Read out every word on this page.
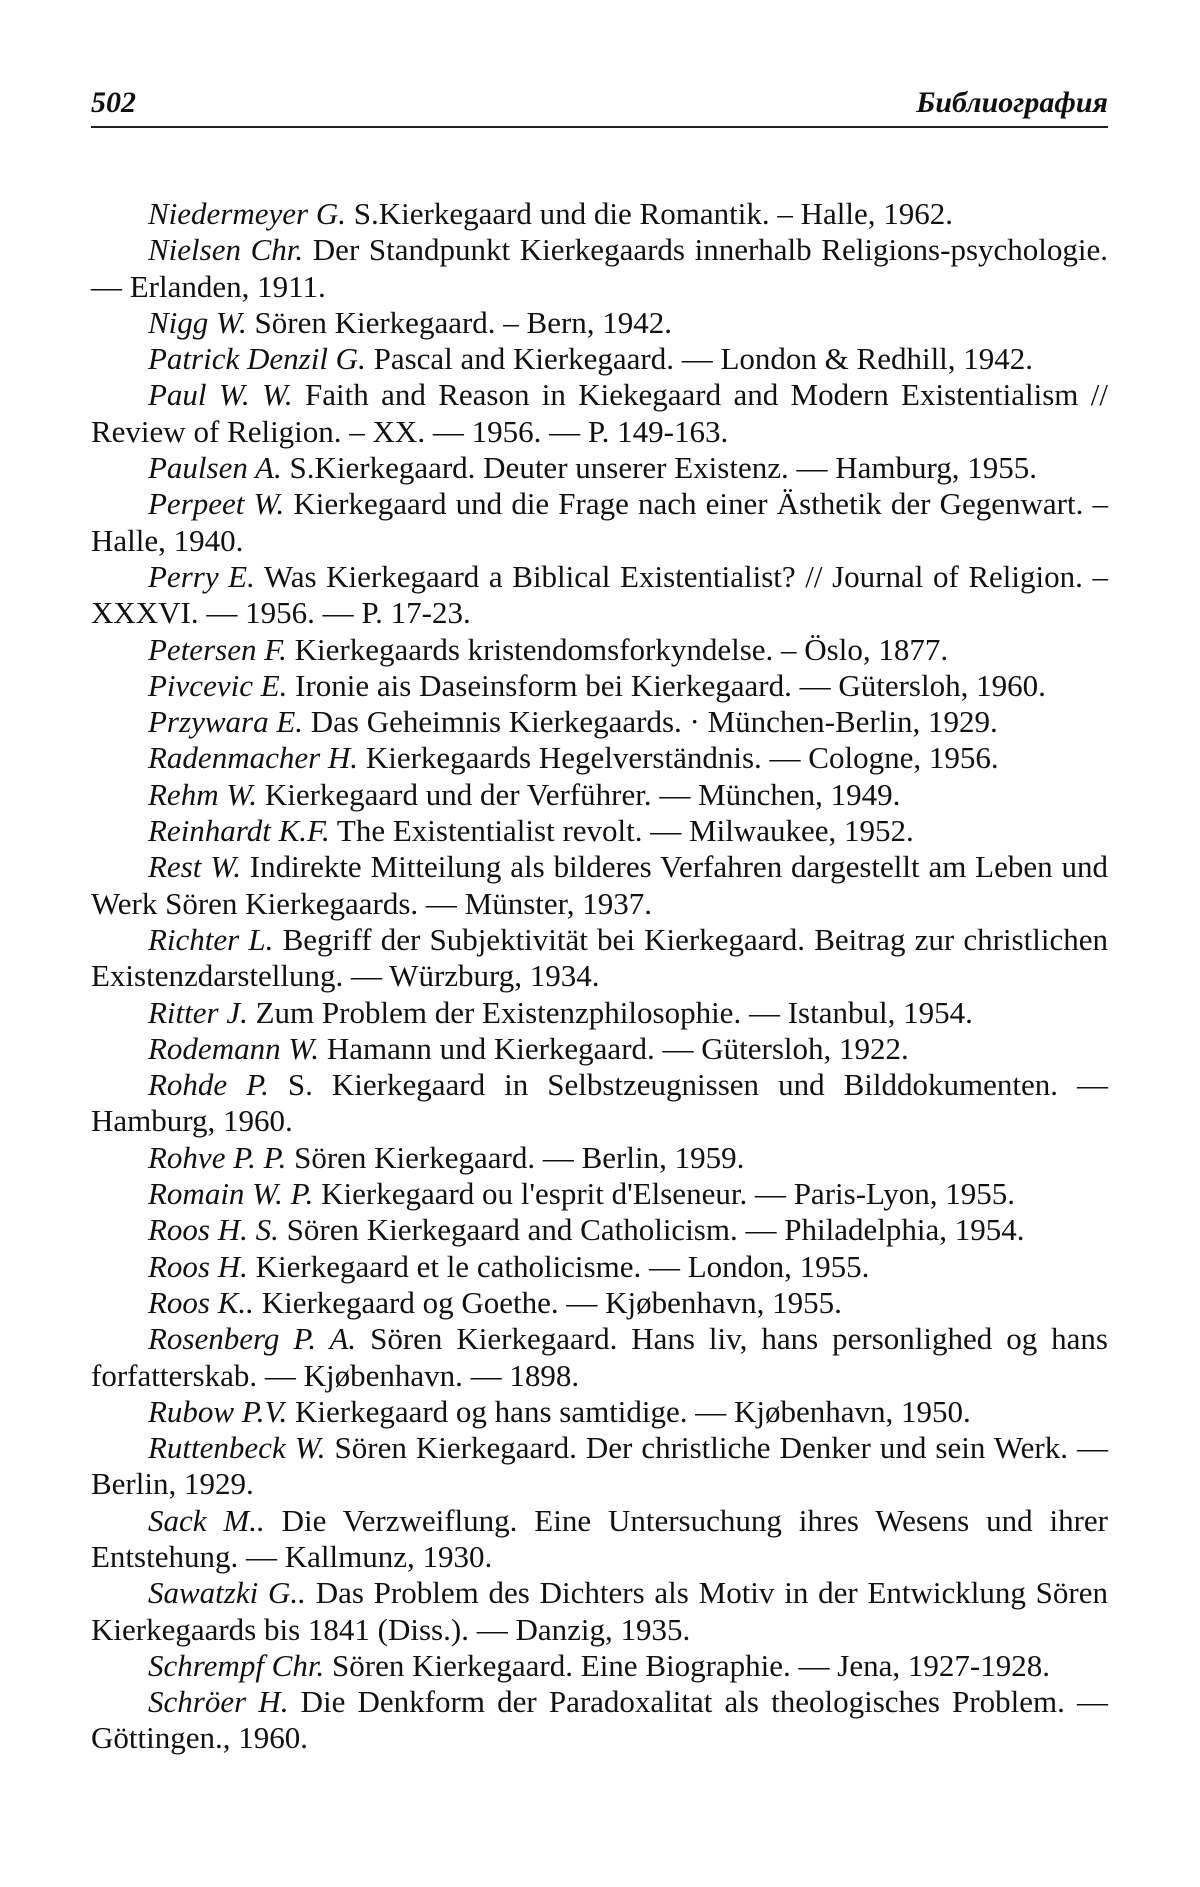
502	Библиография
Niedermeyer G. S.Kierkegaard und die Romantik. – Halle, 1962.
Nielsen Chr. Der Standpunkt Kierkegaards innerhalb Religions-psychologie. — Erlanden, 1911.
Nigg W. Sören Kierkegaard. – Bern, 1942.
Patrick Denzil G. Pascal and Kierkegaard. — London & Redhill, 1942.
Paul W. W. Faith and Reason in Kiekegaard and Modern Existentialism // Review of Religion. – XX. — 1956. — P. 149-163.
Paulsen A. S.Kierkegaard. Deuter unserer Existenz. — Hamburg, 1955.
Perpeet W. Kierkegaard und die Frage nach einer Ästhetik der Gegenwart. – Halle, 1940.
Perry E. Was Kierkegaard a Biblical Existentialist? // Journal of Religion. – XXXVI. — 1956. — P. 17-23.
Petersen F. Kierkegaards kristendomsforkyndelse. – Öslo, 1877.
Pivcevic E. Ironie ais Daseinsform bei Kierkegaard. — Gütersloh, 1960.
Przywara E. Das Geheimnis Kierkegaards. · München-Berlin, 1929.
Radenmacher H. Kierkegaards Hegelverständnis. — Cologne, 1956.
Rehm W. Kierkegaard und der Verführer. — München, 1949.
Reinhardt K.F. The Existentialist revolt. — Milwaukee, 1952.
Rest W. Indirekte Mitteilung als bilderes Verfahren dargestellt am Leben und Werk Sören Kierkegaards. — Münster, 1937.
Richter L. Begriff der Subjektivität bei Kierkegaard. Beitrag zur christlichen Existenzdarstellung. — Würzburg, 1934.
Ritter J. Zum Problem der Existenzphilosophie. — Istanbul, 1954.
Rodemann W. Hamann und Kierkegaard. — Gütersloh, 1922.
Rohde P. S. Kierkegaard in Selbstzeugnissen und Bilddokumenten. — Hamburg, 1960.
Rohve P. P. Sören Kierkegaard. — Berlin, 1959.
Romain W. P. Kierkegaard ou l'esprit d'Elseneur. — Paris-Lyon, 1955.
Roos H. S. Sören Kierkegaard and Catholicism. — Philadelphia, 1954.
Roos H. Kierkegaard et le catholicisme. — London, 1955.
Roos K.. Kierkegaard og Goethe. — Kjøbenhavn, 1955.
Rosenberg P. A. Sören Kierkegaard. Hans liv, hans personlighed og hans forfatterskab. — Kjøbenhavn. — 1898.
Rubow P.V. Kierkegaard og hans samtidige. — Kjøbenhavn, 1950.
Ruttenbeck W. Sören Kierkegaard. Der christliche Denker und sein Werk. — Berlin, 1929.
Sack M.. Die Verzweiflung. Eine Untersuchung ihres Wesens und ihrer Entstehung. — Kallmunz, 1930.
Sawatzki G.. Das Problem des Dichters als Motiv in der Entwicklung Sören Kierkegaards bis 1841 (Diss.). — Danzig, 1935.
Schrempf Chr. Sören Kierkegaard. Eine Biographie. — Jena, 1927-1928.
Schröer H. Die Denkform der Paradoxalitat als theologisches Problem. — Göttingen., 1960.
